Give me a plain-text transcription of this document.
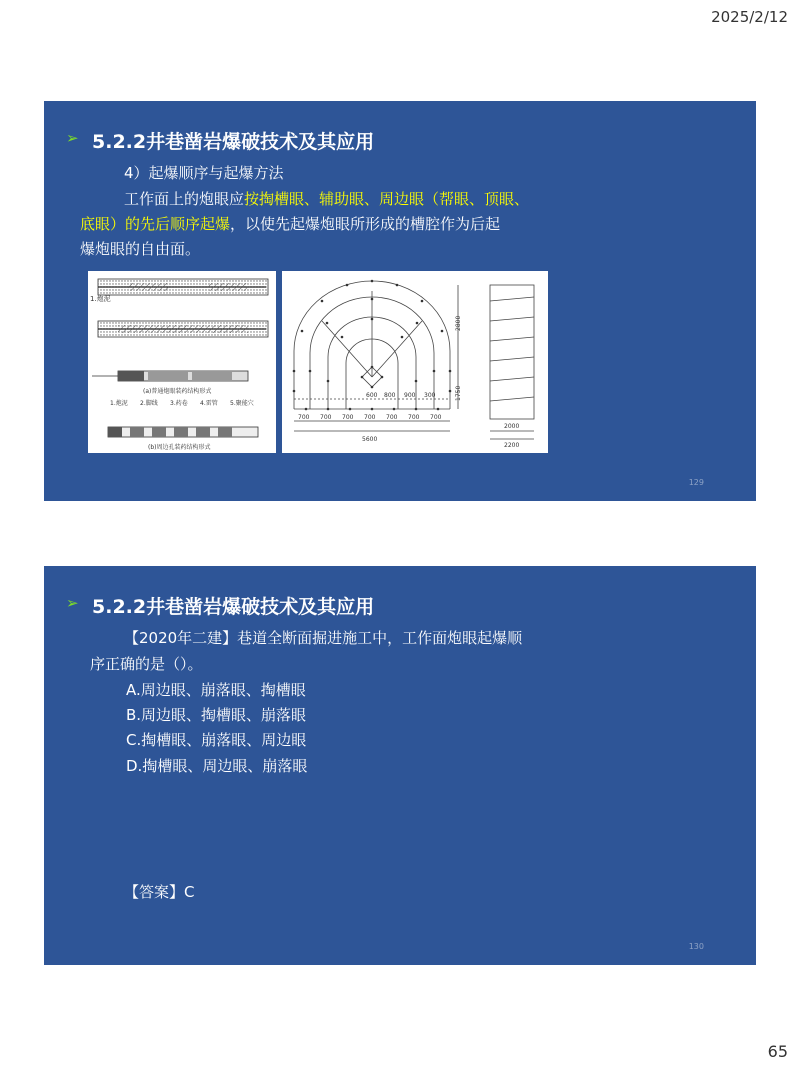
2025/2/12
➢ 5.2.2井巷凿岩爆破技术及其应用
4）起爆顺序与起爆方法
工作面上的炮眼应按掏槽眼、辅助眼、周边眼（帮眼、顶眼、
底眼）的先后顺序起爆，以使先起爆炮眼所形成的槽腔作为后起
爆炮眼的自由面。
1.炮泥
(a)普通炮眼装药结构形式
1.炮泥 2.脚线 3.药卷 4.雷管 5.聚能穴
(b)周边孔装药结构形式
2800
1750
5600
2200
2000
600 800 900 300
700 700 700 700 700 700 700
129
➢ 5.2.2井巷凿岩爆破技术及其应用
【2020年二建】巷道全断面掘进施工中，工作面炮眼起爆顺
序正确的是（）。
A.周边眼、崩落眼、掏槽眼
B.周边眼、掏槽眼、崩落眼
C.掏槽眼、崩落眼、周边眼
D.掏槽眼、周边眼、崩落眼
【答案】C
130
65
